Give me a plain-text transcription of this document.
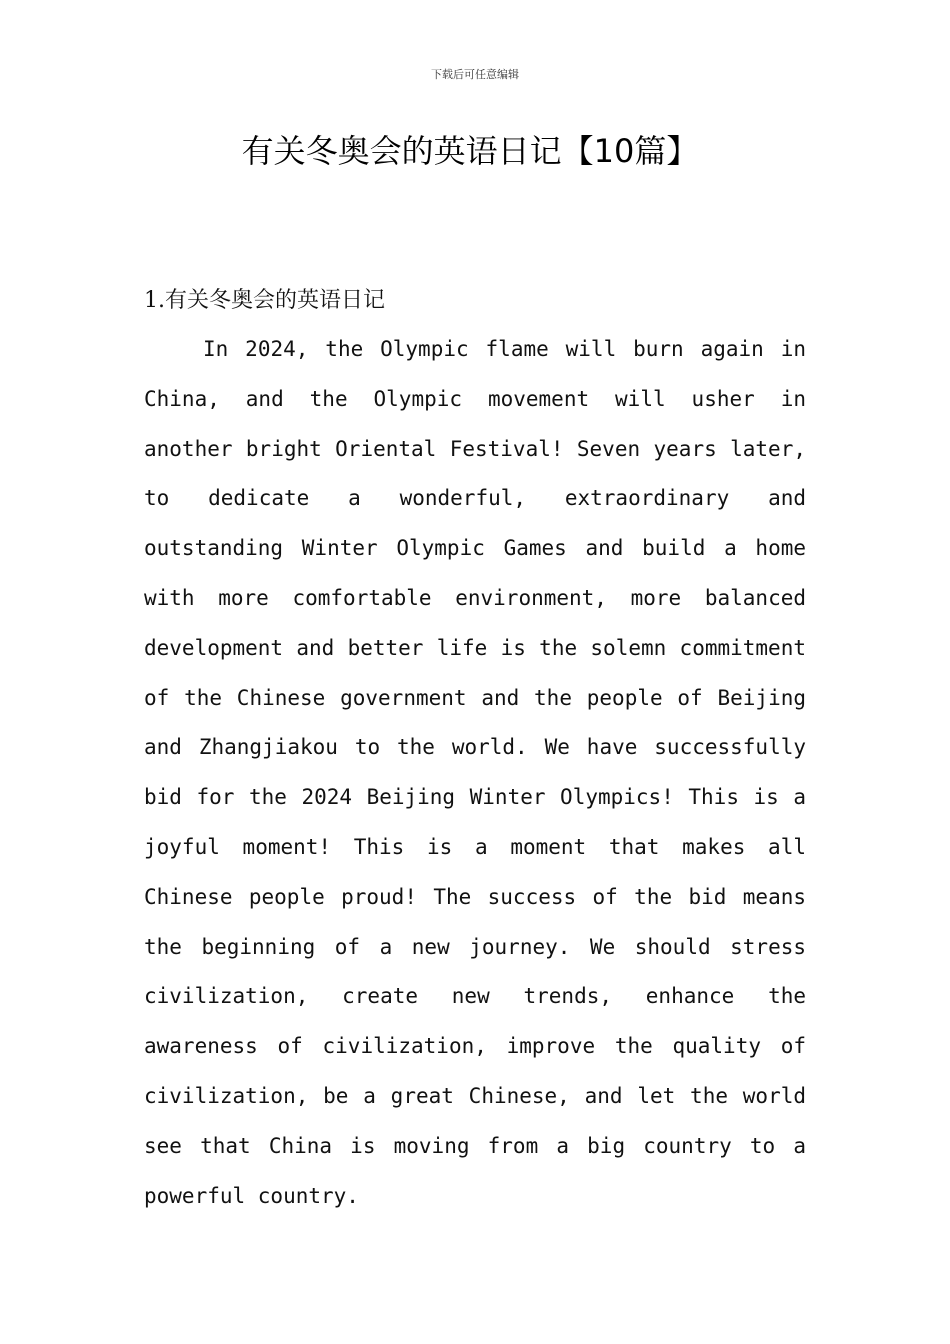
下载后可任意编辑
有关冬奥会的英语日记【10篇】
1.有关冬奥会的英语日记

In 2024, the Olympic flame will burn again in China, and the Olympic movement will usher in another bright Oriental Festival! Seven years later, to dedicate a wonderful, extraordinary and outstanding Winter Olympic Games and build a home with more comfortable environment, more balanced development and better life is the solemn commitment of the Chinese government and the people of Beijing and Zhangjiakou to the world. We have successfully bid for the 2024 Beijing Winter Olympics! This is a joyful moment! This is a moment that makes all Chinese people proud! The success of the bid means the beginning of a new journey. We should stress civilization, create new trends, enhance the awareness of civilization, improve the quality of civilization, be a great Chinese, and let the world see that China is moving from a big country to a powerful country.
